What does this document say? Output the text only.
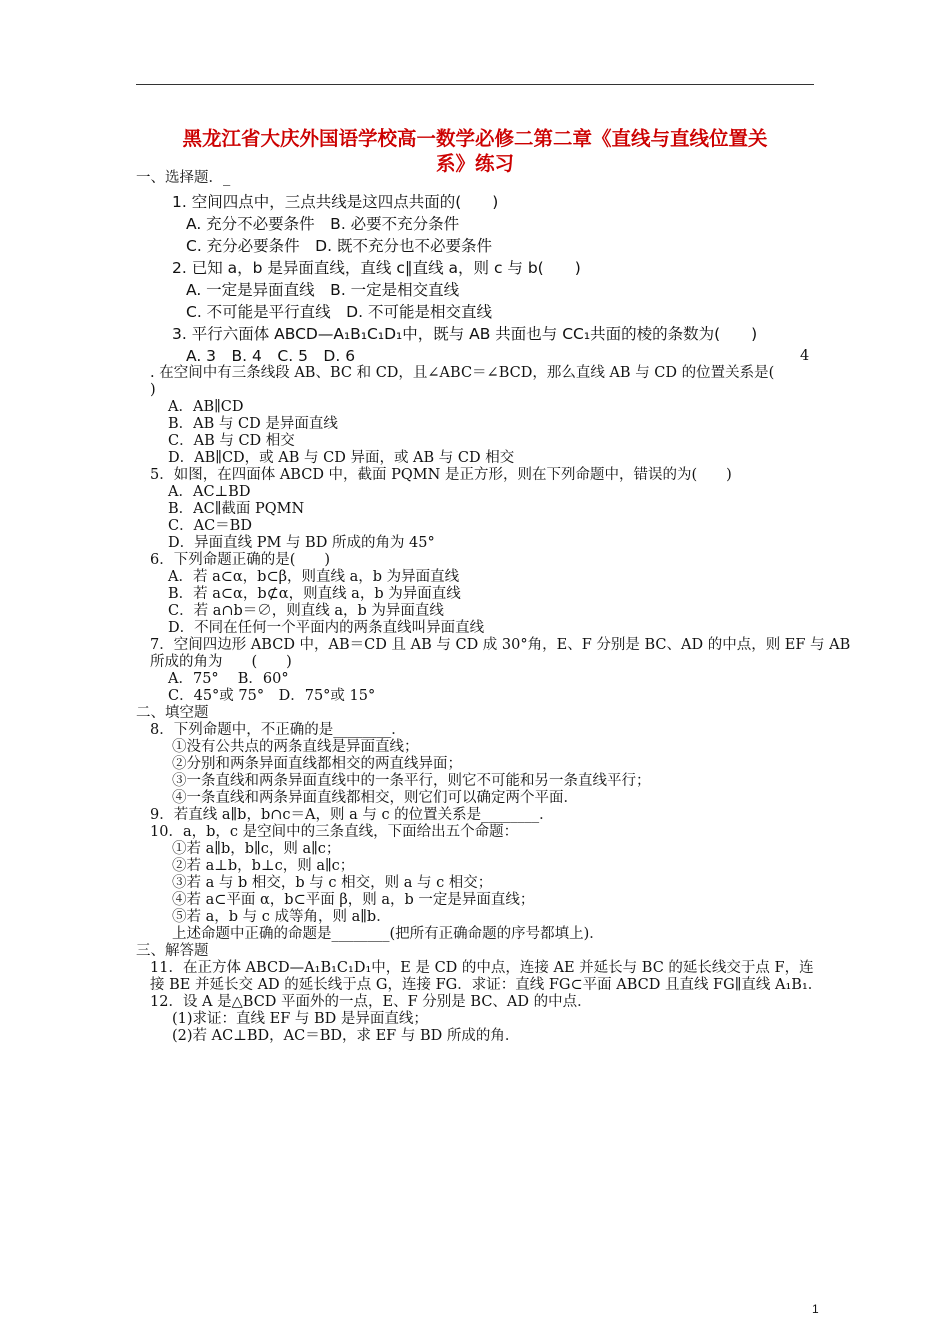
黑龙江省大庆外国语学校高一数学必修二第二章《直线与直线位置关
系》练习
一、选择题．_
1. 空间四点中，三点共线是这四点共面的(　　)
A. 充分不必要条件　B. 必要不充分条件
C. 充分必要条件　D. 既不充分也不必要条件
2. 已知 a，b 是异面直线，直线 c∥直线 a，则 c 与 b(　　)
A. 一定是异面直线　B. 一定是相交直线
C. 不可能是平行直线　D. 不可能是相交直线
3. 平行六面体 ABCD—A₁B₁C₁D₁中，既与 AB 共面也与 CC₁共面的棱的条数为(　　)
A. 3　B. 4　C. 5　D. 6	4
. 在空间中有三条线段 AB、BC 和 CD，且∠ABC＝∠BCD，那么直线 AB 与 CD 的位置关系是(
)
A．AB∥CD
B．AB 与 CD 是异面直线
C．AB 与 CD 相交
D．AB∥CD，或 AB 与 CD 异面，或 AB 与 CD 相交
5．如图，在四面体 ABCD 中，截面 PQMN 是正方形，则在下列命题中，错误的为(　　)
A．AC⊥BD
B．AC∥截面 PQMN
C．AC＝BD
D．异面直线 PM 与 BD 所成的角为 45°
6．下列命题正确的是(　　)
A．若 a⊂α，b⊂β，则直线 a，b 为异面直线
B．若 a⊂α，b⊄α，则直线 a，b 为异面直线
C．若 a∩b＝∅，则直线 a，b 为异面直线
D．不同在任何一个平面内的两条直线叫异面直线
7．空间四边形 ABCD 中，AB＝CD 且 AB 与 CD 成 30°角，E、F 分别是 BC、AD 的中点，则 EF 与 AB
所成的角为　　(　　)
A．75°　 B．60°
C．45°或 75°　D．75°或 15°
二、填空题
8．下列命题中，不正确的是________．
①没有公共点的两条直线是异面直线；
②分别和两条异面直线都相交的两直线异面；
③一条直线和两条异面直线中的一条平行，则它不可能和另一条直线平行；
④一条直线和两条异面直线都相交，则它们可以确定两个平面．
9．若直线 a∥b，b∩c＝A，则 a 与 c 的位置关系是________．
10．a，b，c 是空间中的三条直线，下面给出五个命题：
①若 a∥b，b∥c，则 a∥c；
②若 a⊥b，b⊥c，则 a∥c；
③若 a 与 b 相交，b 与 c 相交，则 a 与 c 相交；
④若 a⊂平面 α，b⊂平面 β，则 a，b 一定是异面直线；
⑤若 a，b 与 c 成等角，则 a∥b．
上述命题中正确的命题是________(把所有正确命题的序号都填上)．
三、解答题
11．在正方体 ABCD—A₁B₁C₁D₁中，E 是 CD 的中点，连接 AE 并延长与 BC 的延长线交于点 F，连
接 BE 并延长交 AD 的延长线于点 G，连接 FG．求证：直线 FG⊂平面 ABCD 且直线 FG∥直线 A₁B₁．
12．设 A 是△BCD 平面外的一点，E、F 分别是 BC、AD 的中点．
(1)求证：直线 EF 与 BD 是异面直线；
(2)若 AC⊥BD，AC＝BD，求 EF 与 BD 所成的角．
1
